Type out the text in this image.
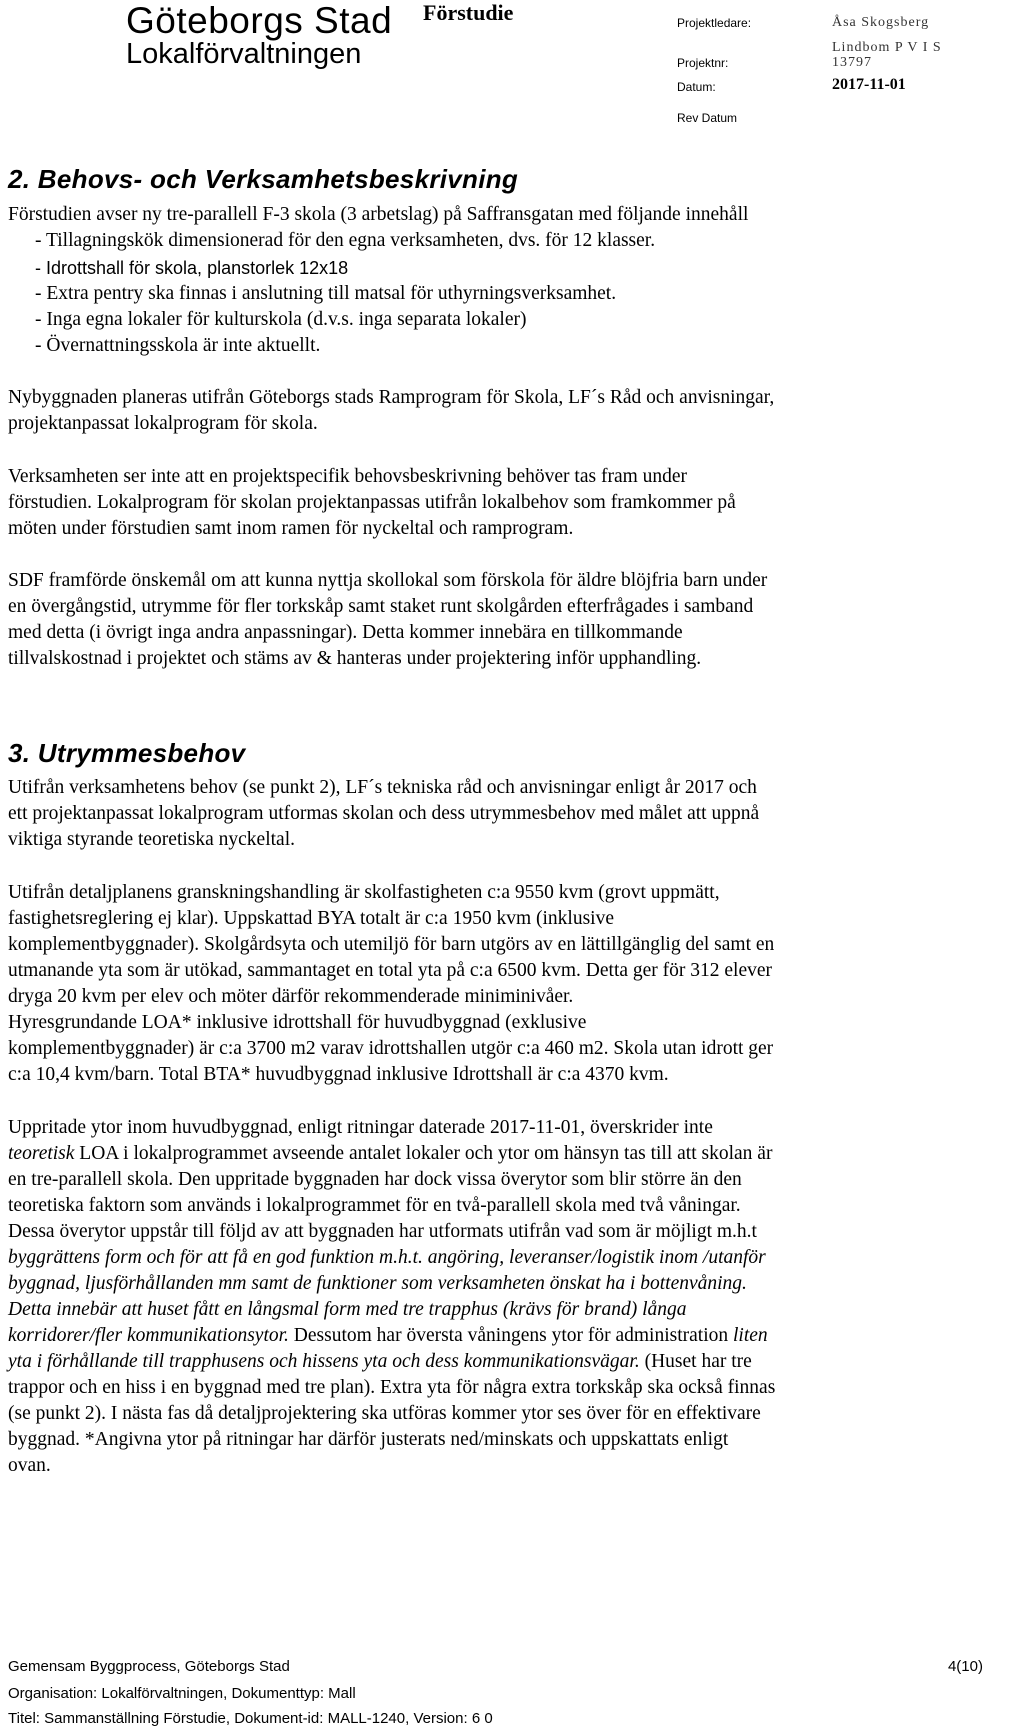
Göteborgs Stad
Lokalförvaltningen
Förstudie	Projektledare:	Åsa Skogsberg
Lindbom P V I S
Projektnr:	13797
Datum:	2017-11-01
Rev Datum
2. Behovs- och Verksamhetsbeskrivning
Förstudien avser ny tre-parallell F-3 skola (3 arbetslag) på Saffransgatan med följande innehåll
- Tillagningskök dimensionerad för den egna verksamheten, dvs. för 12 klasser.
- Idrottshall för skola, planstorlek 12x18
- Extra pentry ska finnas i anslutning till matsal för uthyrningsverksamhet.
- Inga egna lokaler för kulturskola (d.v.s. inga separata lokaler)
- Övernattningsskola är inte aktuellt.
Nybyggnaden planeras utifrån Göteborgs stads Ramprogram för Skola, LF´s Råd och anvisningar,
projektanpassat lokalprogram för skola.
Verksamheten ser inte att en projektspecifik behovsbeskrivning behöver tas fram under
förstudien. Lokalprogram för skolan projektanpassas utifrån lokalbehov som framkommer på
möten under förstudien samt inom ramen för nyckeltal och ramprogram.
SDF framförde önskemål om att kunna nyttja skollokal som förskola för äldre blöjfria barn under
en övergångstid, utrymme för fler torkskåp samt staket runt skolgården efterfrågades i samband
med detta (i övrigt inga andra anpassningar). Detta kommer innebära en tillkommande
tillvalskostnad i projektet och stäms av & hanteras under projektering inför upphandling.
3. Utrymmesbehov
Utifrån verksamhetens behov (se punkt 2), LF´s tekniska råd och anvisningar enligt år 2017 och
ett projektanpassat lokalprogram utformas skolan och dess utrymmesbehov med målet att uppnå
viktiga styrande teoretiska nyckeltal.
Utifrån detaljplanens granskningshandling är skolfastigheten c:a 9550 kvm (grovt uppmätt,
fastighetsreglering ej klar). Uppskattad BYA totalt är c:a 1950 kvm (inklusive
komplementbyggnader). Skolgårdsyta och utemiljö för barn utgörs av en lättillgänglig del samt en
utmanande yta som är utökad, sammantaget en total yta på c:a 6500 kvm. Detta ger för 312 elever
dryga 20 kvm per elev och möter därför rekommenderade miniminivåer.
Hyresgrundande LOA* inklusive idrottshall för huvudbyggnad (exklusive
komplementbyggnader) är c:a 3700 m2 varav idrottshallen utgör c:a 460 m2. Skola utan idrott ger
c:a 10,4 kvm/barn. Total BTA* huvudbyggnad inklusive Idrottshall är c:a 4370 kvm.
Uppritade ytor inom huvudbyggnad, enligt ritningar daterade 2017-11-01, överskrider inte
teoretisk LOA i lokalprogrammet avseende antalet lokaler och ytor om hänsyn tas till att skolan är
en tre-parallell skola. Den uppritade byggnaden har dock vissa överytor som blir större än den
teoretiska faktorn som används i lokalprogrammet för en två-parallell skola med två våningar.
Dessa överytor uppstår till följd av att byggnaden har utformats utifrån vad som är möjligt m.h.t
byggrättens form och för att få en god funktion m.h.t. angöring, leveranser/logistik inom /utanför
byggnad, ljusförhållanden mm samt de funktioner som verksamheten önskat ha i bottenvåning.
Detta innebär att huset fått en långsmal form med tre trapphus (krävs för brand) långa
korridorer/fler kommunikationsytor. Dessutom har översta våningens ytor för administration liten
yta i förhållande till trapphusens och hissens yta och dess kommunikationsvägar. (Huset har tre
trappor och en hiss i en byggnad med tre plan). Extra yta för några extra torkskåp ska också finnas
(se punkt 2). I nästa fas då detaljprojektering ska utföras kommer ytor ses över för en effektivare
byggnad. *Angivna ytor på ritningar har därför justerats ned/minskats och uppskattats enligt
ovan.
Gemensam Byggprocess, Göteborgs Stad	4(10)
Organisation: Lokalförvaltningen, Dokumenttyp: Mall
Titel: Sammanställning Förstudie, Dokument-id: MALL-1240, Version: 6 0
